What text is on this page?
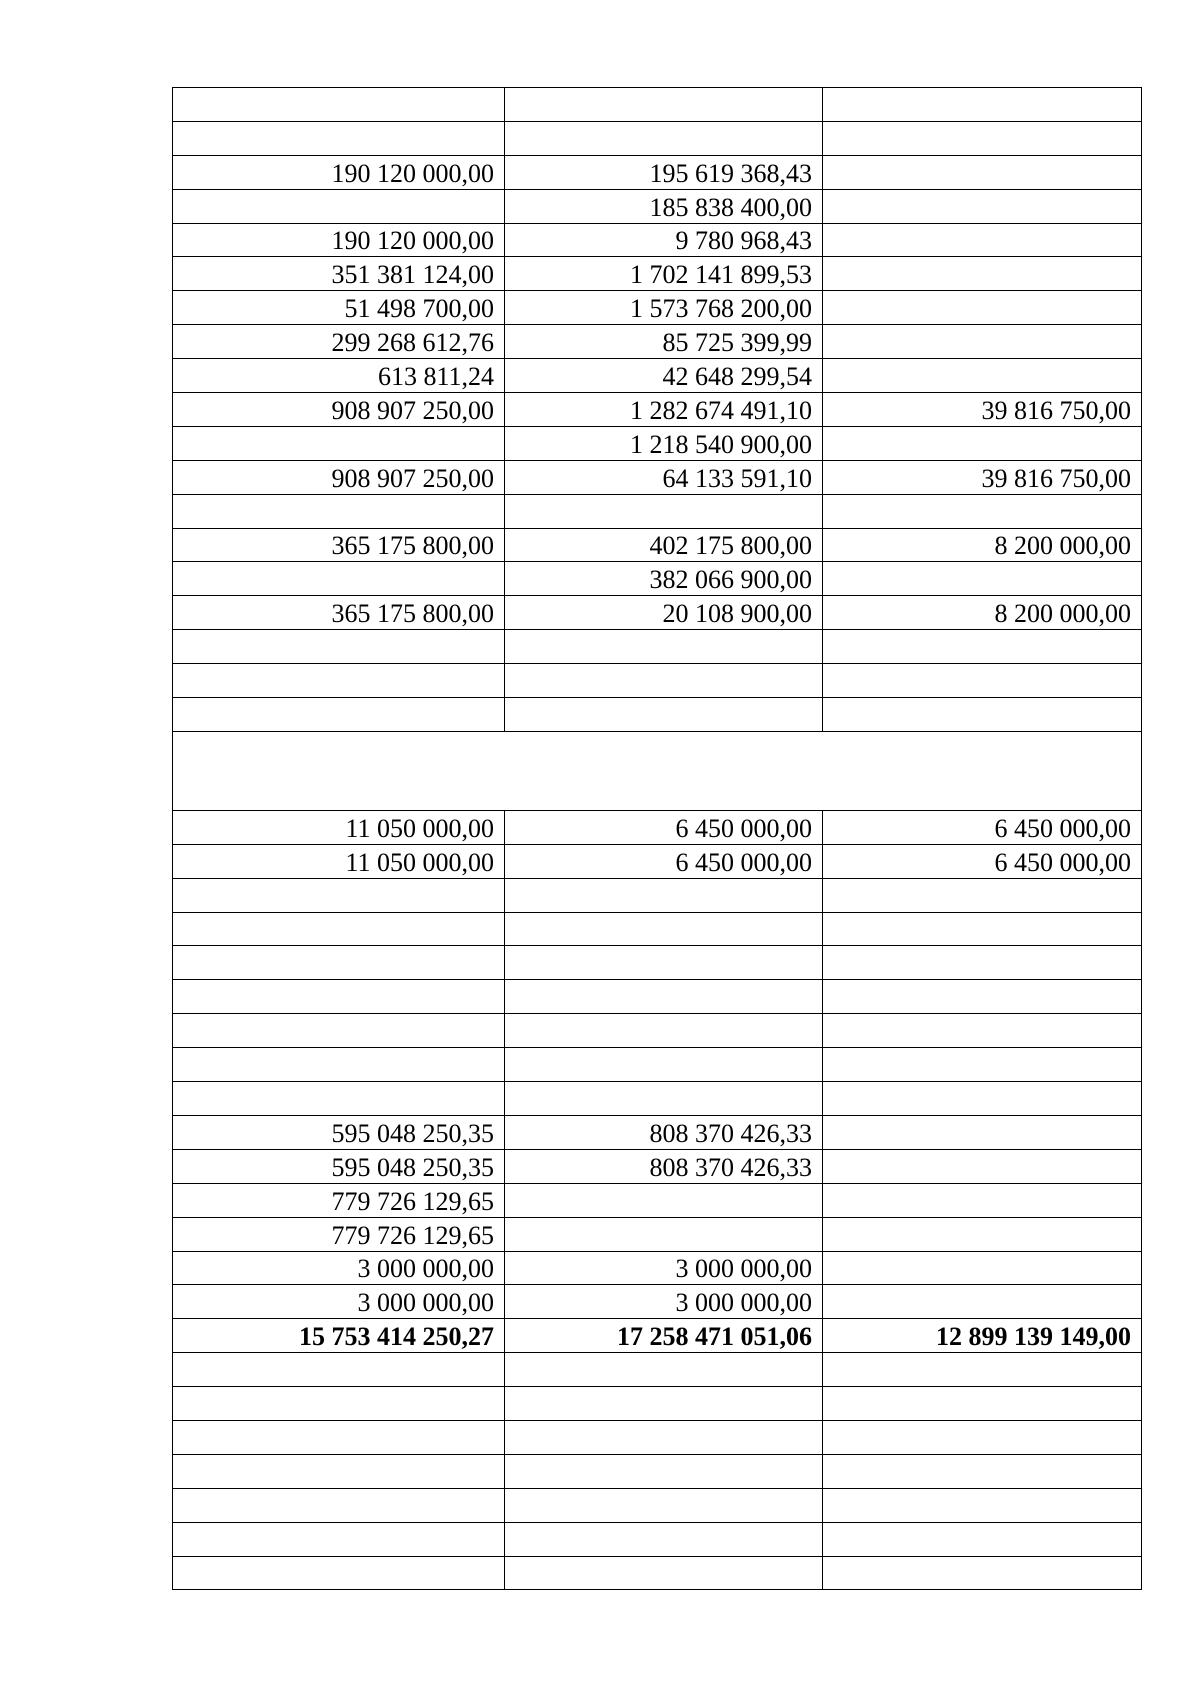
190 120 000,00	195 619 368,43	
	185 838 400,00	
190 120 000,00	9 780 968,43	
351 381 124,00	1 702 141 899,53	
51 498 700,00	1 573 768 200,00	
299 268 612,76	85 725 399,99	
613 811,24	42 648 299,54	
908 907 250,00	1 282 674 491,10	39 816 750,00
	1 218 540 900,00	
908 907 250,00	64 133 591,10	39 816 750,00

365 175 800,00	402 175 800,00	8 200 000,00
	382 066 900,00	
365 175 800,00	20 108 900,00	8 200 000,00

11 050 000,00	6 450 000,00	6 450 000,00
11 050 000,00	6 450 000,00	6 450 000,00

595 048 250,35	808 370 426,33	
595 048 250,35	808 370 426,33	
779 726 129,65		
779 726 129,65		
3 000 000,00	3 000 000,00	
3 000 000,00	3 000 000,00	
15 753 414 250,27	17 258 471 051,06	12 899 139 149,00
